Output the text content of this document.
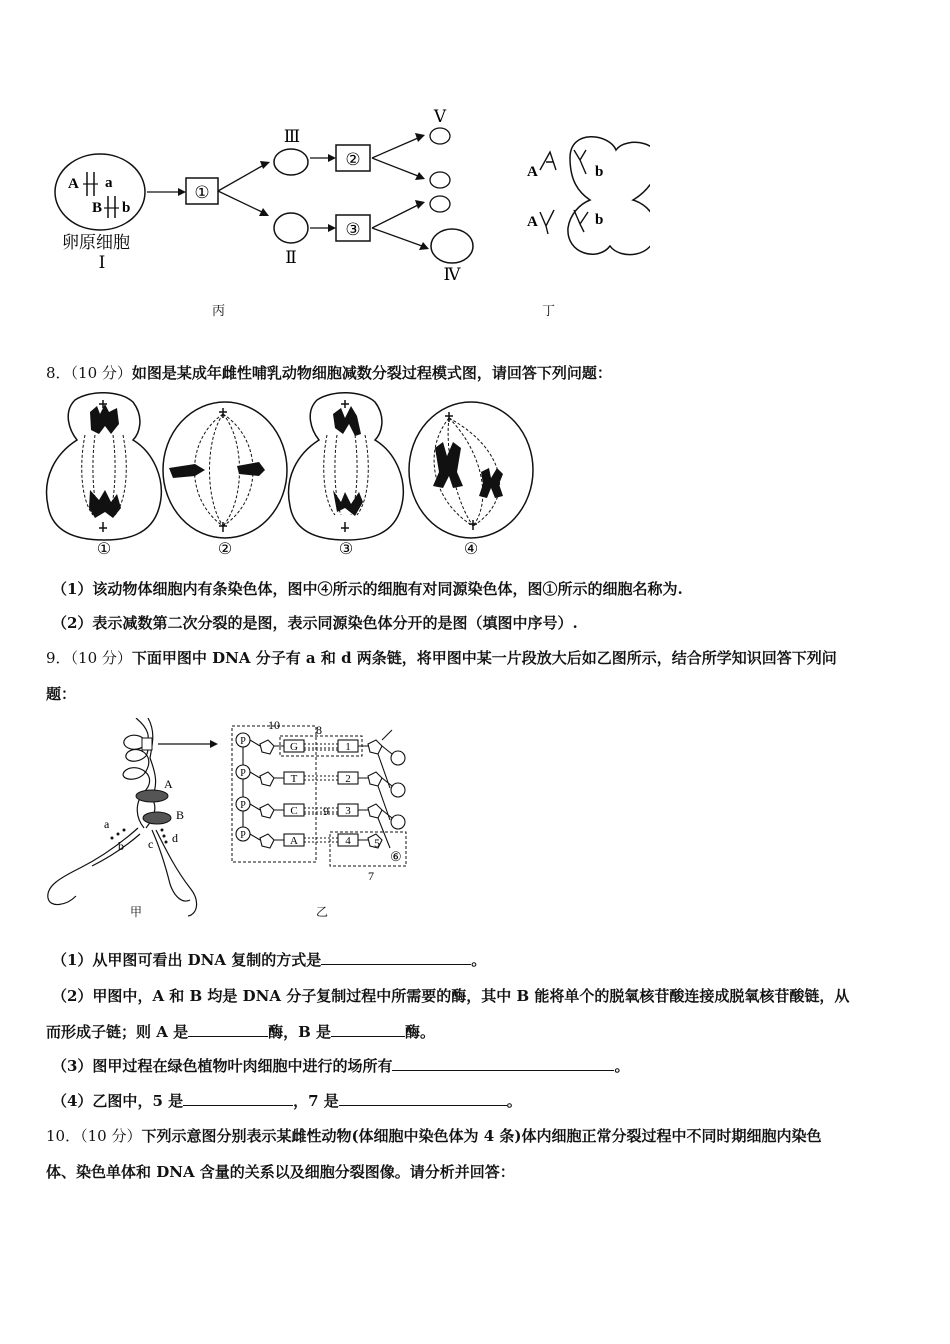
A a
B b
卵原细胞
Ⅰ
①
Ⅲ
Ⅱ
②
③
Ⅴ
Ⅳ
A	b
A	b
丙	丁
8．（10 分）如图是某成年雌性哺乳动物细胞减数分裂过程模式图，请回答下列问题：
①	②	③	④
（1）该动物体细胞内有条染色体，图中④所示的细胞有对同源染色体，图①所示的细胞名称为.
（2）表示减数第二次分裂的是图，表示同源染色体分开的是图（填图中序号）.
9．（10 分）下面甲图中 DNA 分子有 a 和 d 两条链，将甲图中某一片段放大后如乙图所示，结合所学知识回答下列问
题：
A
B
a
b c d
10	8
9
7
5
⑥
P
P
P
P
G
T
C
A
1
2
3
4
甲	乙
（1）从甲图可看出 DNA 复制的方式是	。
（2）甲图中，A 和 B 均是 DNA 分子复制过程中所需要的酶，其中 B 能将单个的脱氧核苷酸连接成脱氧核苷酸链，从
而形成子链；则 A 是	酶，B 是	酶。
（3）图甲过程在绿色植物叶肉细胞中进行的场所有	。
（4）乙图中，5 是	，7 是	。
10．（10 分）下列示意图分别表示某雌性动物(体细胞中染色体为 4 条)体内细胞正常分裂过程中不同时期细胞内染色
体、染色单体和 DNA 含量的关系以及细胞分裂图像。请分析并回答：
